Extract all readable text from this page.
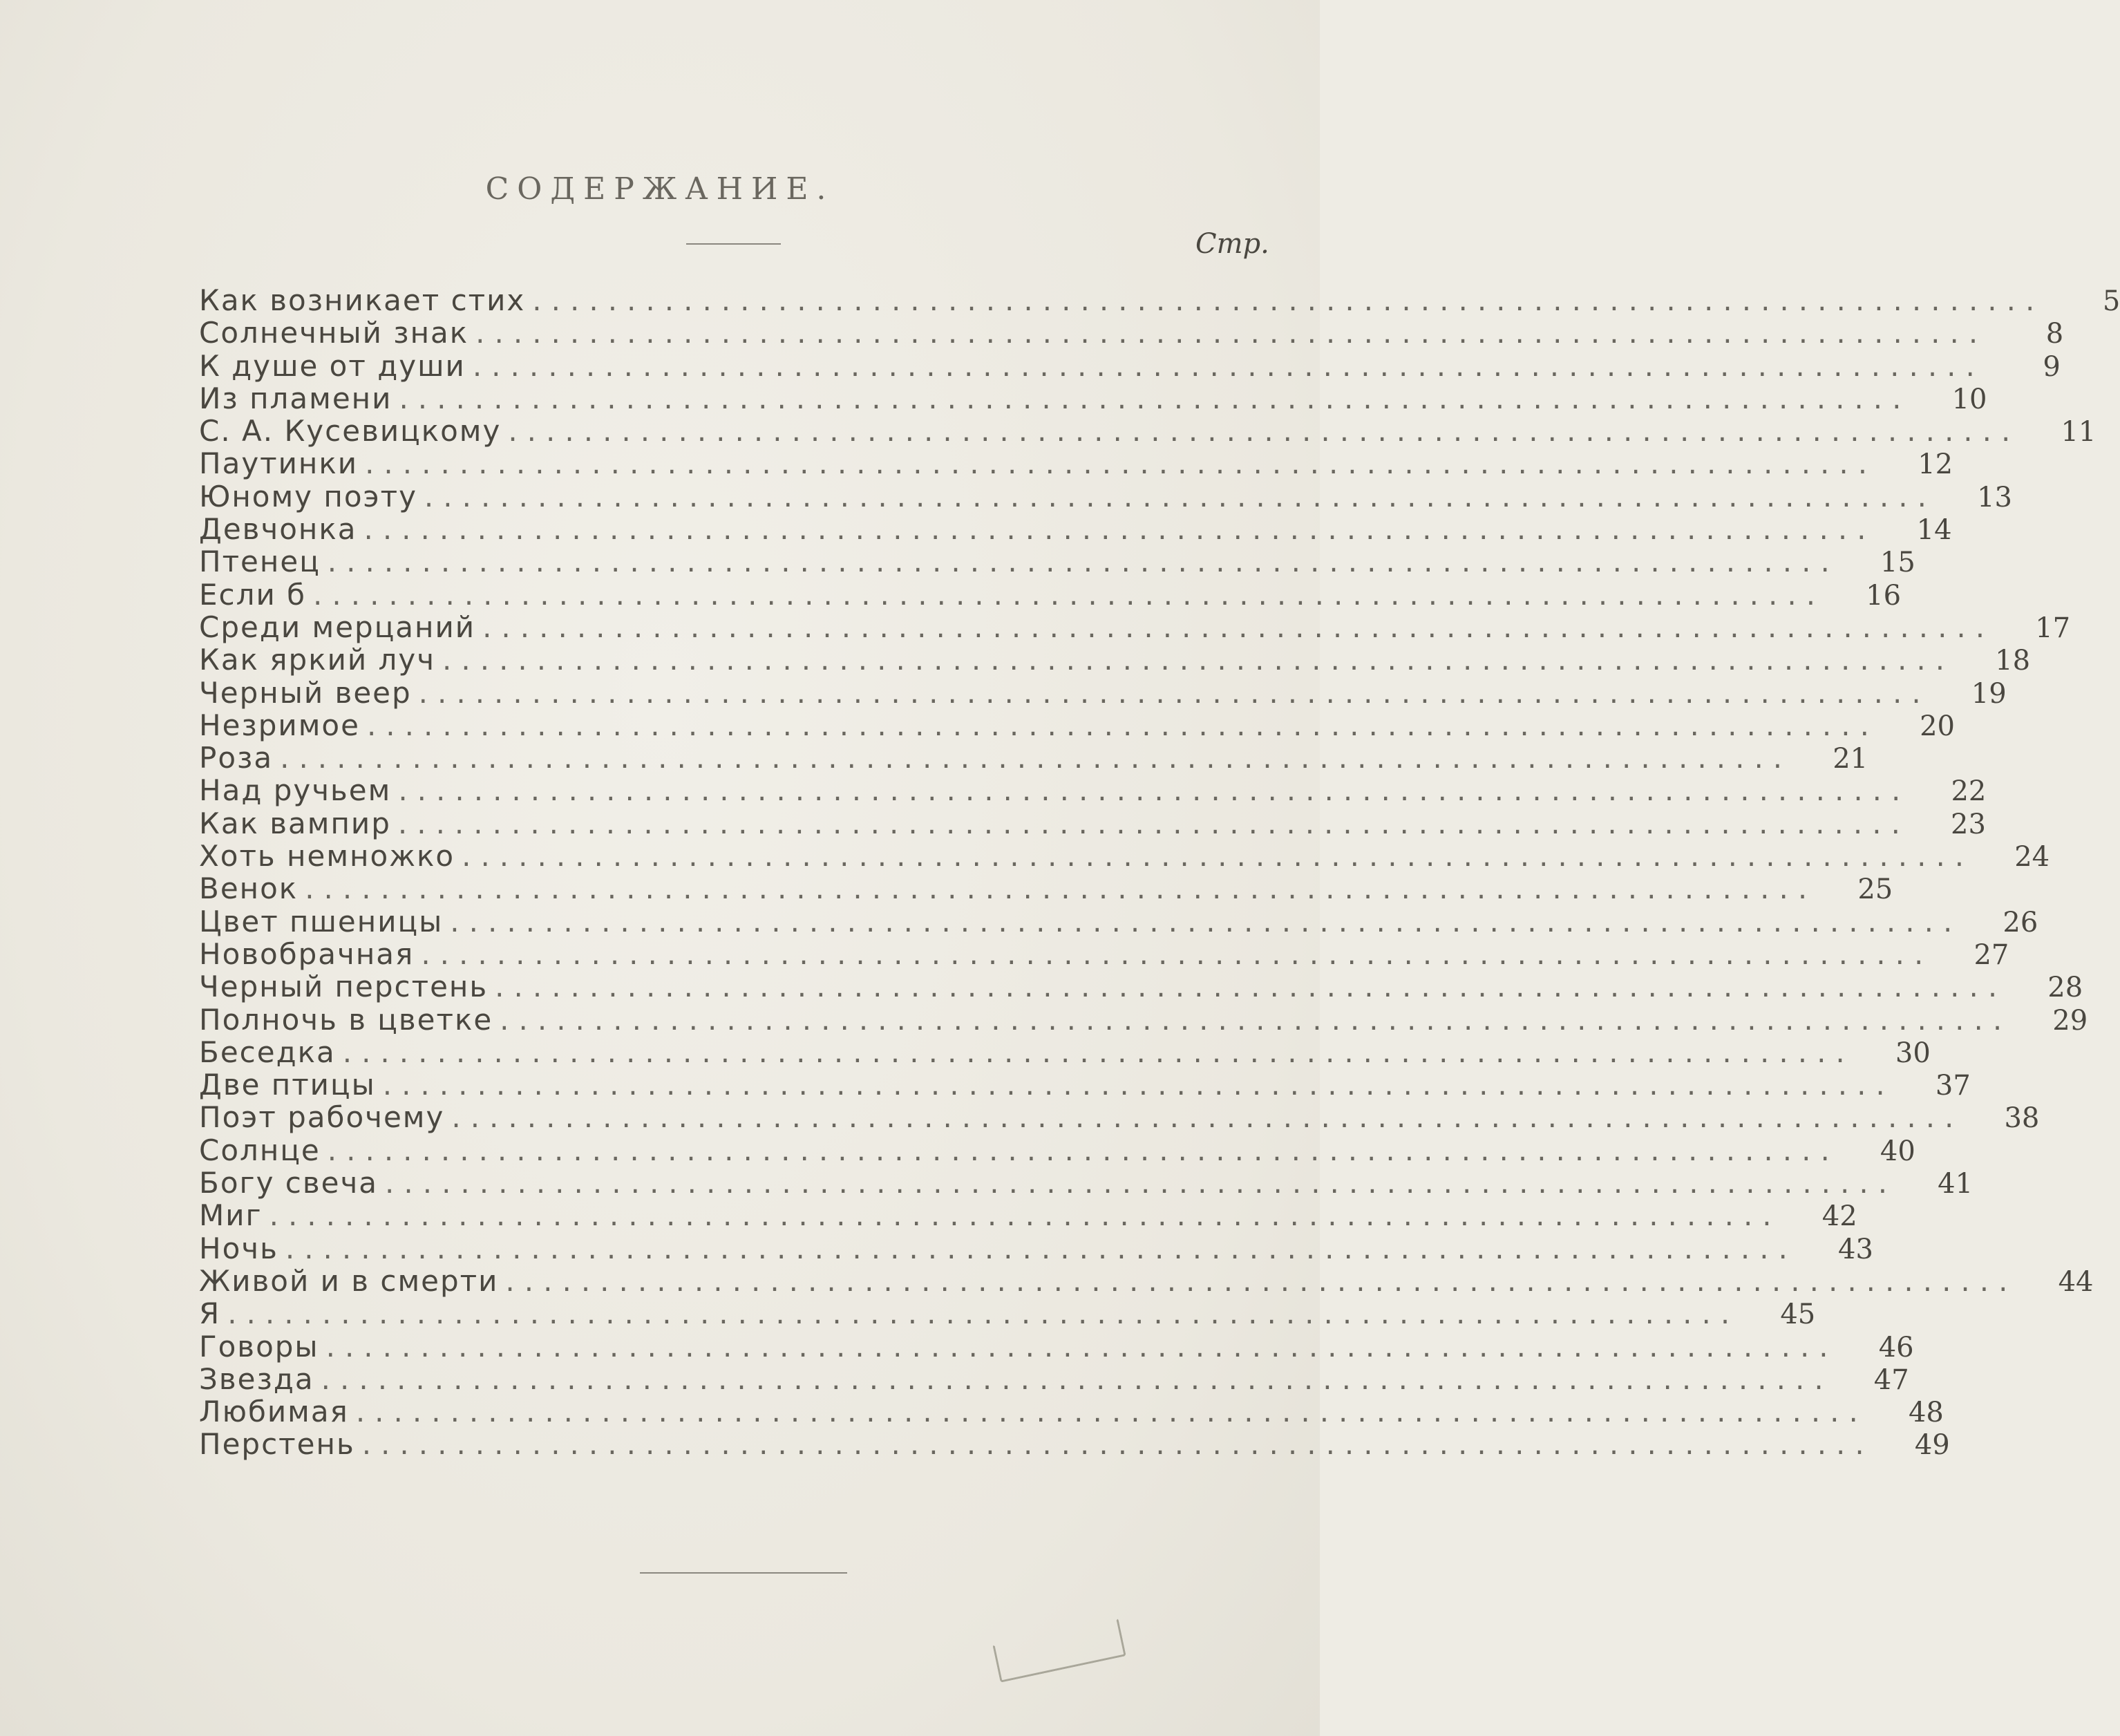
СОДЕРЖАНИЕ.
Стр.
Как возникает стих ................................................................................	5
Солнечный знак ................................................................................	8
К душе от души ................................................................................	9
Из пламени ................................................................................	10
С. А. Кусевицкому ................................................................................	11
Паутинки ................................................................................	12
Юному поэту ................................................................................	13
Девчонка ................................................................................	14
Птенец ................................................................................	15
Если б ................................................................................	16
Среди мерцаний ................................................................................	17
Как яркий луч ................................................................................	18
Черный веер ................................................................................	19
Незримое ................................................................................	20
Роза ................................................................................	21
Над ручьем ................................................................................	22
Как вампир ................................................................................	23
Хоть немножко ................................................................................	24
Венок ................................................................................	25
Цвет пшеницы ................................................................................	26
Новобрачная ................................................................................	27
Черный перстень ................................................................................	28
Полночь в цветке ................................................................................	29
Беседка ................................................................................	30
Две птицы ................................................................................	37
Поэт рабочему ................................................................................	38
Солнце ................................................................................	40
Богу свеча ................................................................................	41
Миг ................................................................................	42
Ночь ................................................................................	43
Живой и в смерти ................................................................................	44
Я ................................................................................	45
Говоры ................................................................................	46
Звезда ................................................................................	47
Любимая ................................................................................	48
Перстень ................................................................................	49
